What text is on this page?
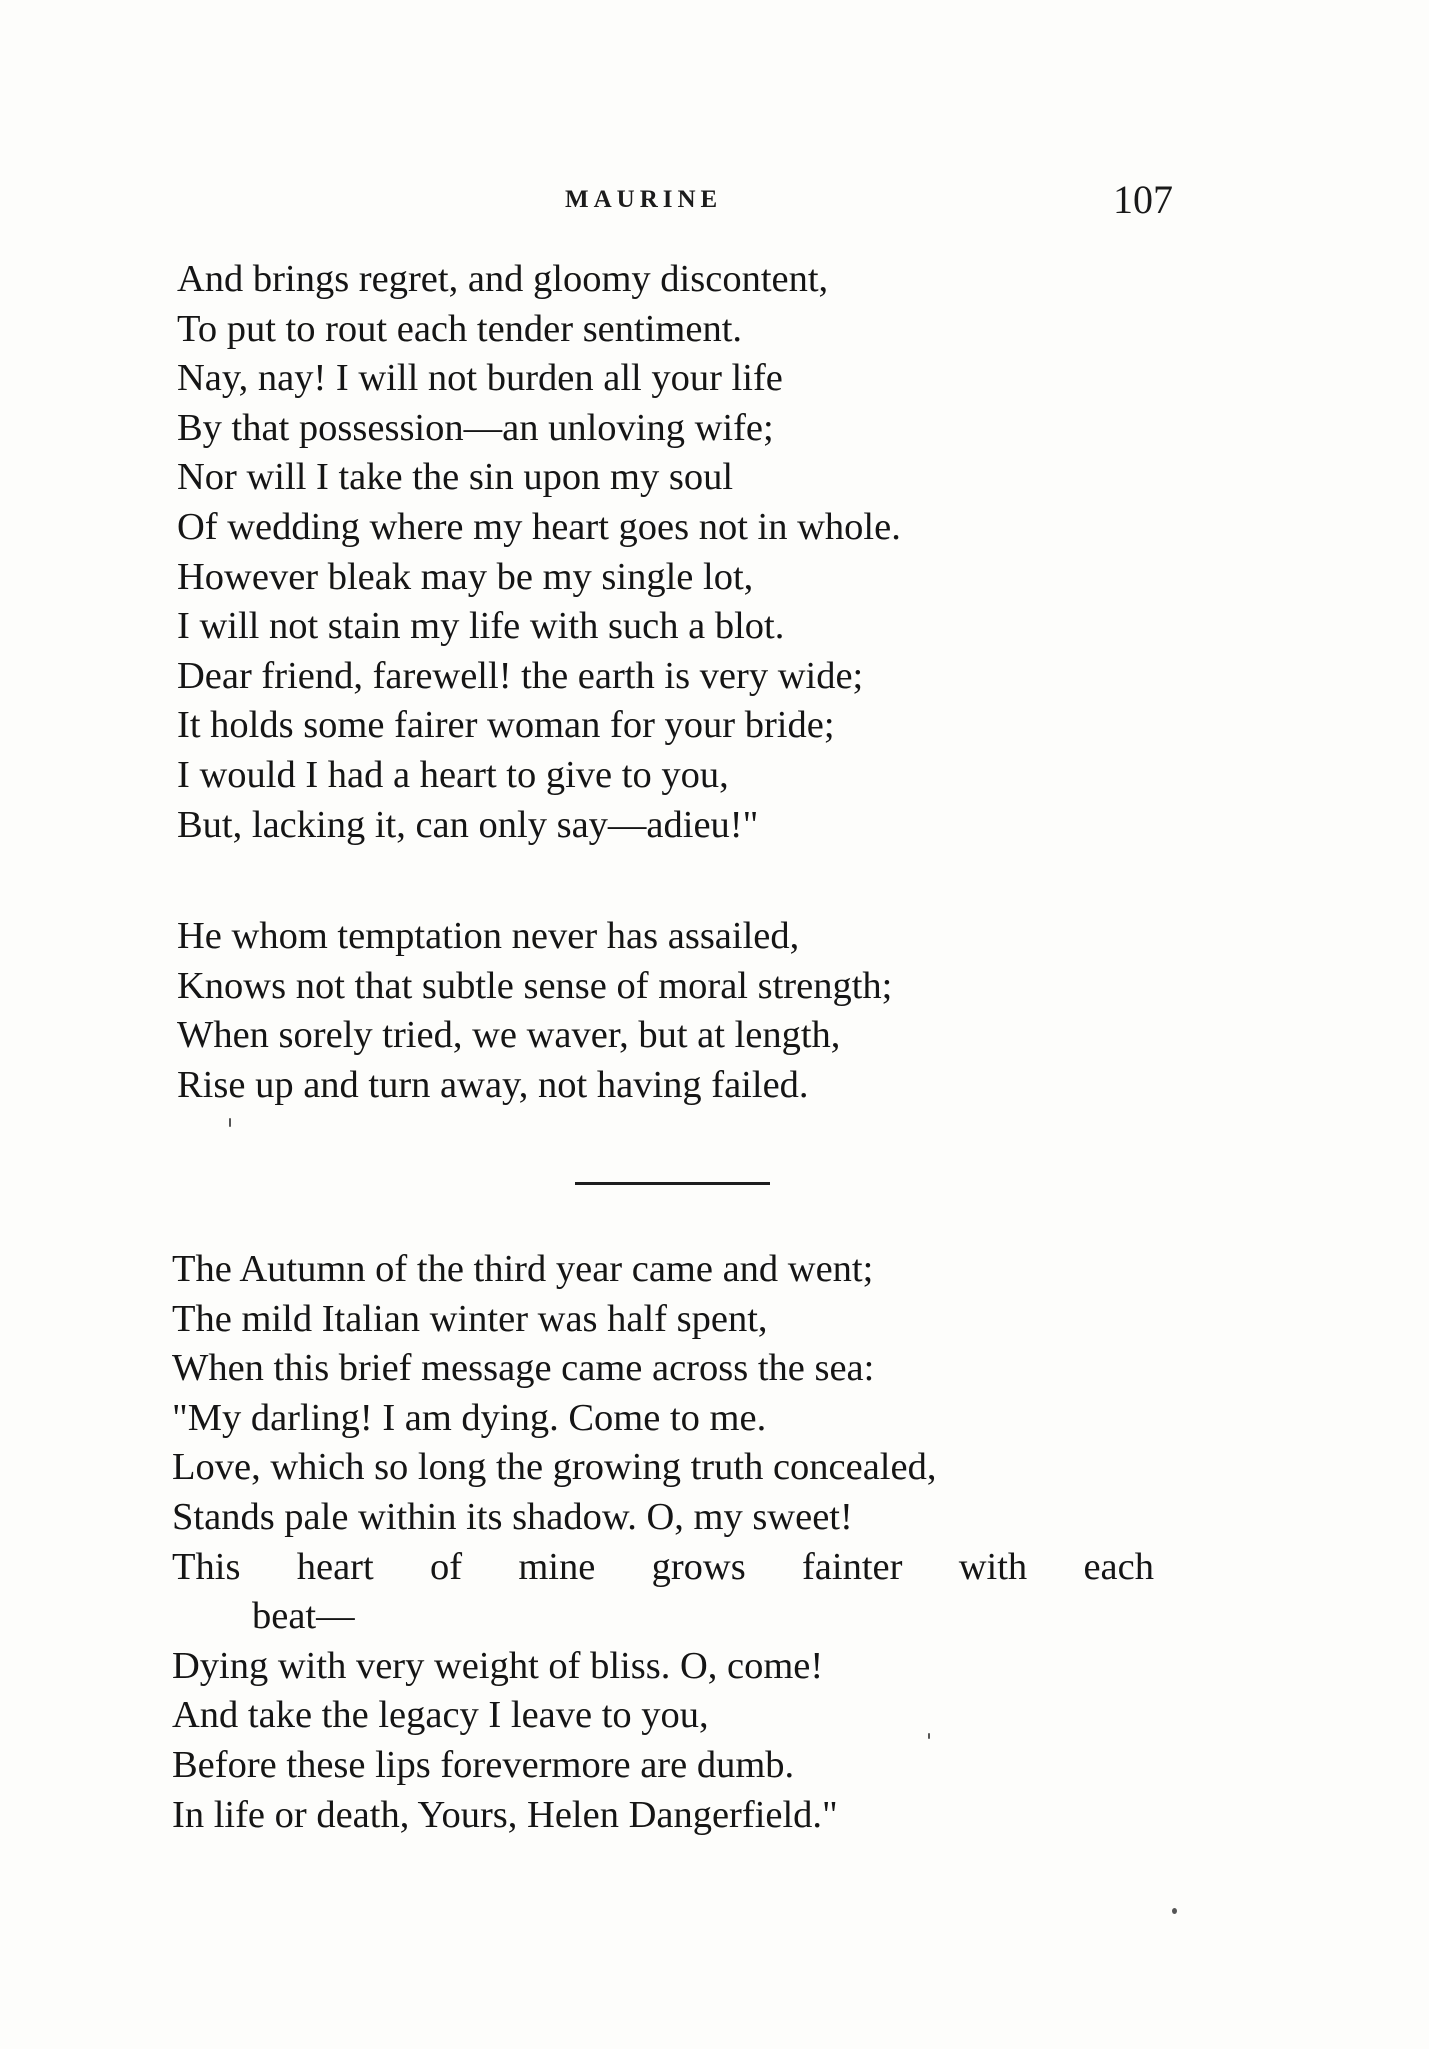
MAURINE	107
And brings regret, and gloomy discontent,
To put to rout each tender sentiment.
Nay, nay! I will not burden all your life
By that possession—an unloving wife;
Nor will I take the sin upon my soul
Of wedding where my heart goes not in whole.
However bleak may be my single lot,
I will not stain my life with such a blot.
Dear friend, farewell! the earth is very wide;
It holds some fairer woman for your bride;
I would I had a heart to give to you,
But, lacking it, can only say—adieu!"
He whom temptation never has assailed,
Knows not that subtle sense of moral strength;
When sorely tried, we waver, but at length,
Rise up and turn away, not having failed.
The Autumn of the third year came and went;
The mild Italian winter was half spent,
When this brief message came across the sea:
"My darling! I am dying. Come to me.
Love, which so long the growing truth concealed,
Stands pale within its shadow. O, my sweet!
This heart of mine grows fainter with each
beat—
Dying with very weight of bliss. O, come!
And take the legacy I leave to you,
Before these lips forevermore are dumb.
In life or death, Yours, Helen Dangerfield."
